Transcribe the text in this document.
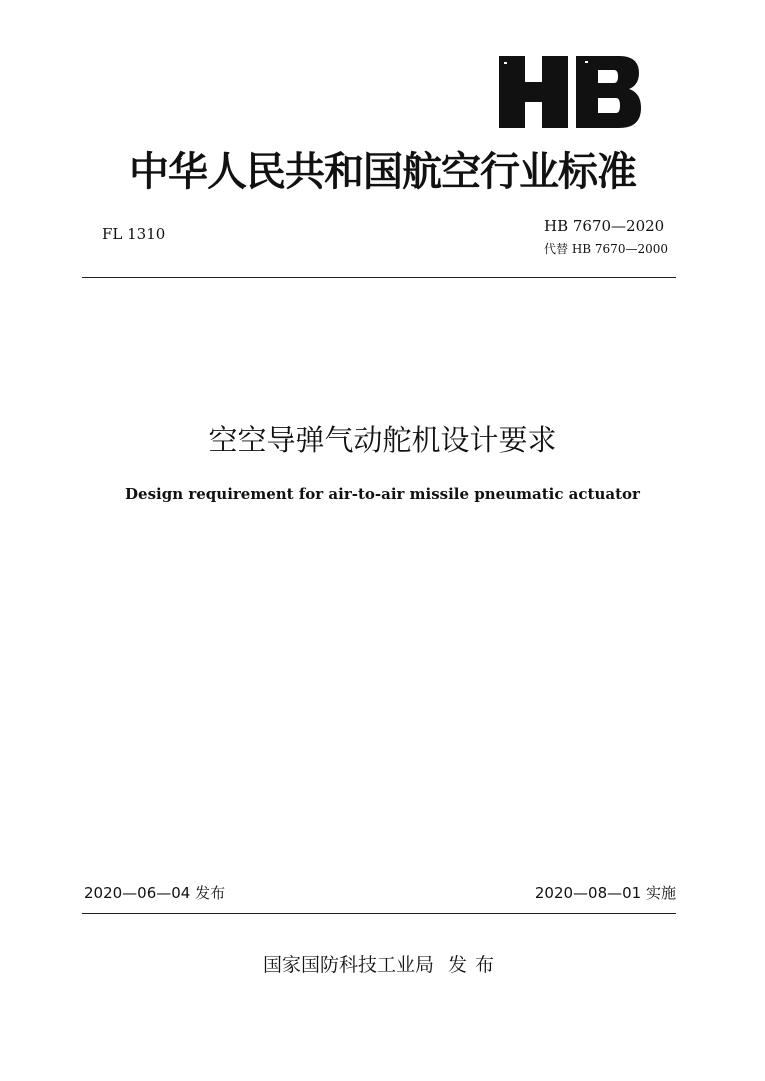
中华人民共和国航空行业标准
FL 1310	HB 7670—2020
代替 HB 7670—2000
空空导弹气动舵机设计要求
Design requirement for air-to-air missile pneumatic actuator
2020—06—04 发布	2020—08—01 实施
国家国防科技工业局 发布
